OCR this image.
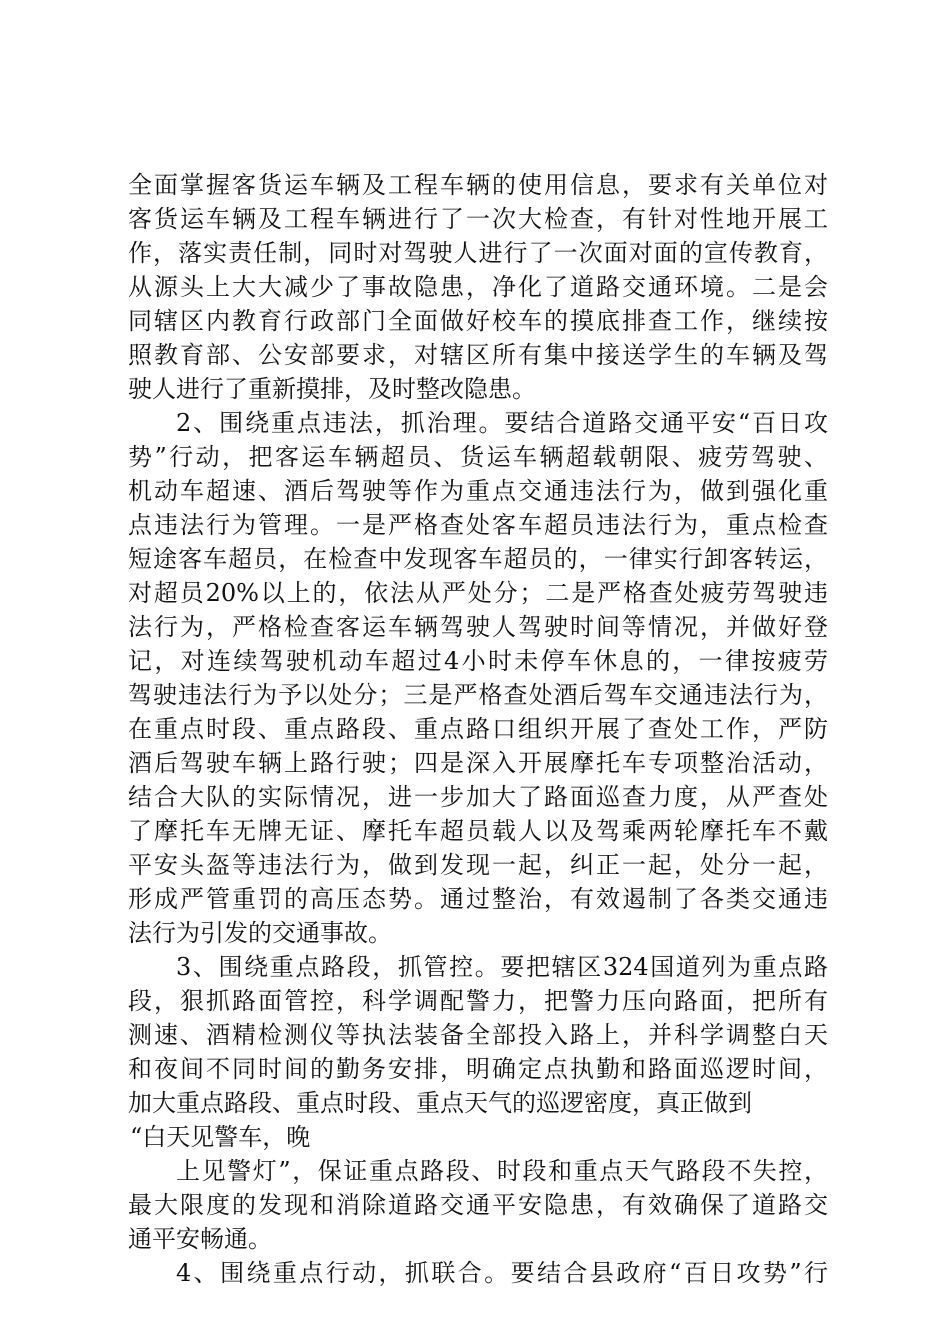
全面掌握客货运车辆及工程车辆的使用信息，要求有关单位对
客货运车辆及工程车辆进行了一次大检查，有针对性地开展工
作，落实责任制，同时对驾驶人进行了一次面对面的宣传教育，
从源头上大大减少了事故隐患，净化了道路交通环境。二是会
同辖区内教育行政部门全面做好校车的摸底排查工作，继续按
照教育部、公安部要求，对辖区所有集中接送学生的车辆及驾
驶人进行了重新摸排，及时整改隐患。
2、围绕重点违法，抓治理。要结合道路交通平安“百日攻
势”行动，把客运车辆超员、货运车辆超载朝限、疲劳驾驶、
机动车超速、酒后驾驶等作为重点交通违法行为，做到强化重
点违法行为管理。一是严格查处客车超员违法行为，重点检查
短途客车超员，在检查中发现客车超员的，一律实行卸客转运，
对超员20%以上的，依法从严处分；二是严格查处疲劳驾驶违
法行为，严格检查客运车辆驾驶人驾驶时间等情况，并做好登
记，对连续驾驶机动车超过4小时未停车休息的，一律按疲劳
驾驶违法行为予以处分；三是严格查处酒后驾车交通违法行为，
在重点时段、重点路段、重点路口组织开展了查处工作，严防
酒后驾驶车辆上路行驶；四是深入开展摩托车专项整治活动，
结合大队的实际情况，进一步加大了路面巡查力度，从严查处
了摩托车无牌无证、摩托车超员载人以及驾乘两轮摩托车不戴
平安头盔等违法行为，做到发现一起，纠正一起，处分一起，
形成严管重罚的高压态势。通过整治，有效遏制了各类交通违
法行为引发的交通事故。
3、围绕重点路段，抓管控。要把辖区324国道列为重点路
段，狠抓路面管控，科学调配警力，把警力压向路面，把所有
测速、酒精检测仪等执法装备全部投入路上，并科学调整白天
和夜间不同时间的勤务安排，明确定点执勤和路面巡逻时间，
加大重点路段、重点时段、重点天气的巡逻密度，真正做到
“白天见警车，晚
上见警灯”，保证重点路段、时段和重点天气路段不失控，
最大限度的发现和消除道路交通平安隐患，有效确保了道路交
通平安畅通。
4、围绕重点行动，抓联合。要结合县政府“百日攻势”行
